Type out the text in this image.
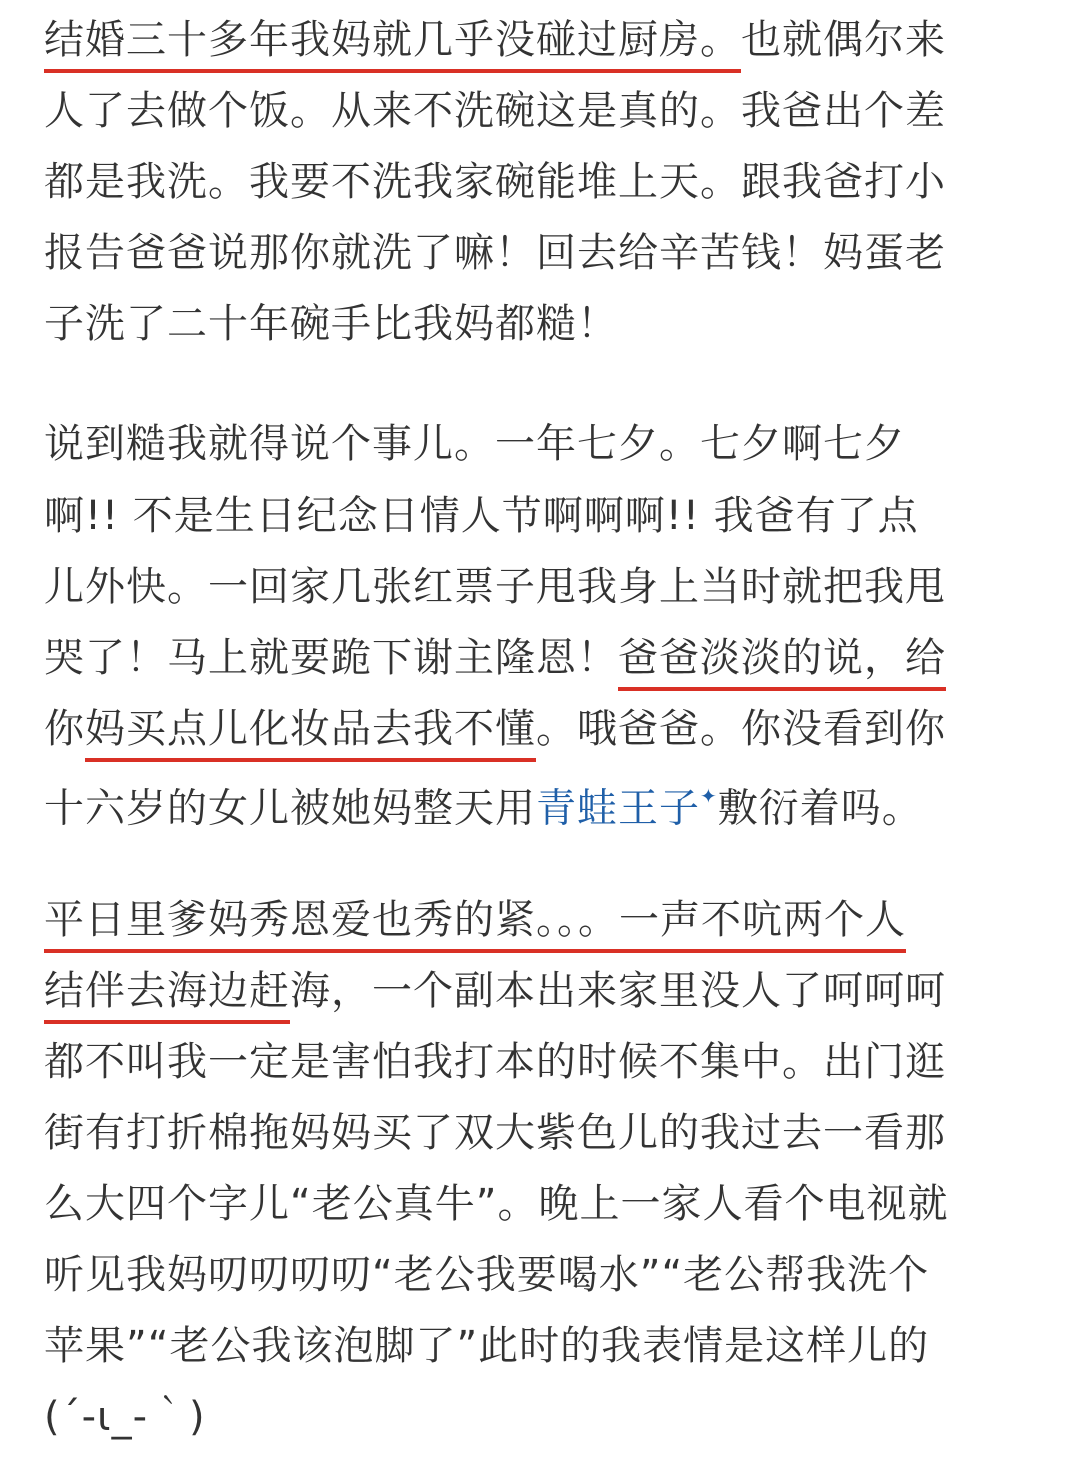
结婚三十多年我妈就几乎没碰过厨房。也就偶尔来
人了去做个饭。从来不洗碗这是真的。我爸出个差
都是我洗。我要不洗我家碗能堆上天。跟我爸打小
报告爸爸说那你就洗了嘛！回去给辛苦钱！妈蛋老
子洗了二十年碗手比我妈都糙！
说到糙我就得说个事儿。一年七夕。七夕啊七夕
啊!! 不是生日纪念日情人节啊啊啊!! 我爸有了点
儿外快。一回家几张红票子甩我身上当时就把我甩
哭了！马上就要跪下谢主隆恩！爸爸淡淡的说，给
你妈买点儿化妆品去我不懂。哦爸爸。你没看到你
十六岁的女儿被她妈整天用青蛙王子✦敷衍着吗。
平日里爹妈秀恩爱也秀的紧。。。一声不吭两个人
结伴去海边赶海，一个副本出来家里没人了呵呵呵
都不叫我一定是害怕我打本的时候不集中。出门逛
街有打折棉拖妈妈买了双大紫色儿的我过去一看那
么大四个字儿“老公真牛”。晚上一家人看个电视就
听见我妈叨叨叨叨“老公我要喝水”“老公帮我洗个
苹果”“老公我该泡脚了”此时的我表情是这样儿的
(´-ι_-｀)
